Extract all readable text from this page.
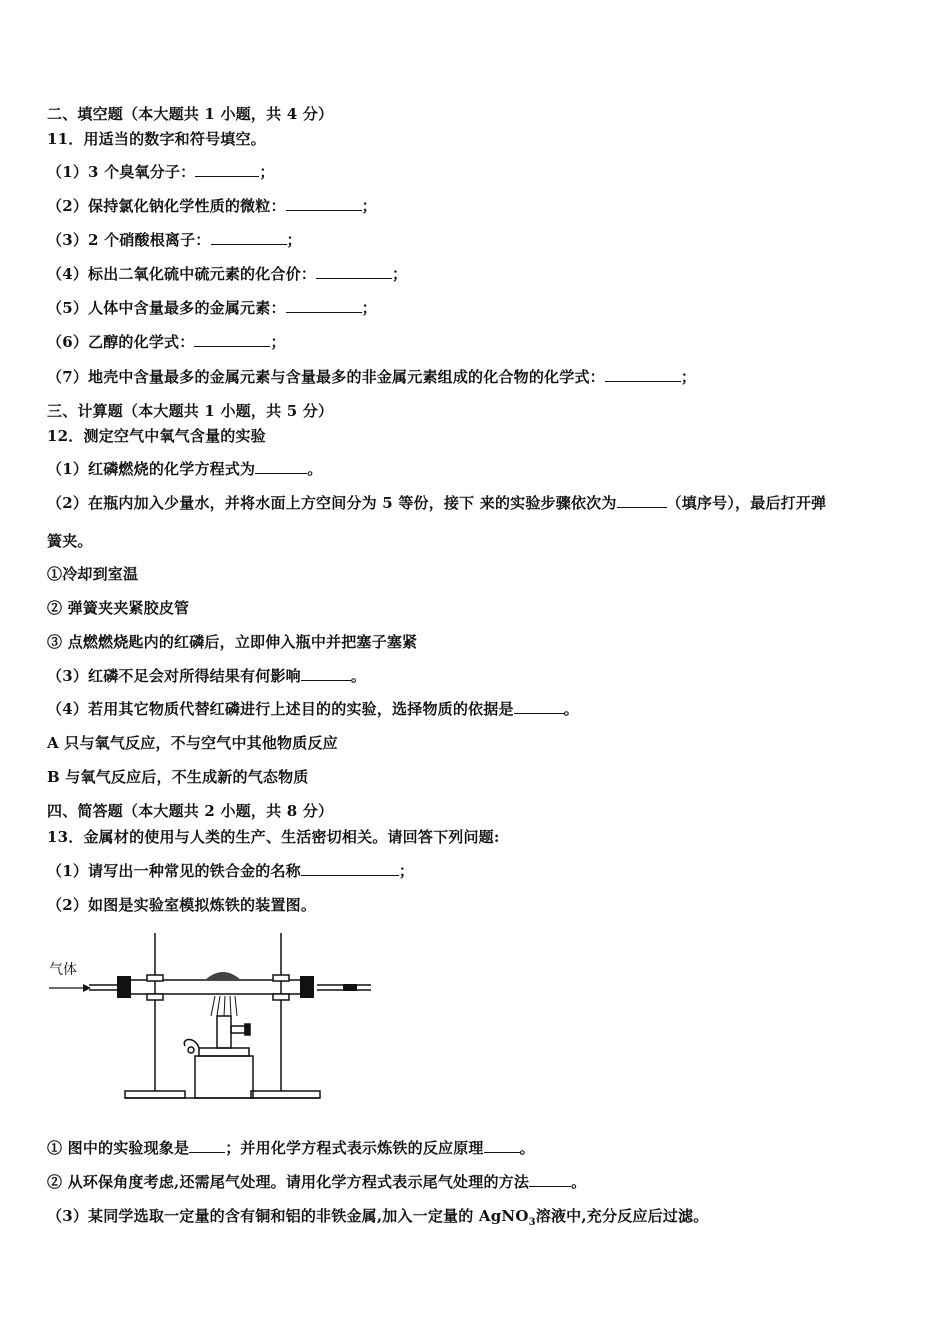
二、填空题（本大题共 1 小题，共 4 分）
11．用适当的数字和符号填空。
（1）3 个臭氧分子：	；
（2）保持氯化钠化学性质的微粒：	；
（3）2 个硝酸根离子：	；
（4）标出二氧化硫中硫元素的化合价：	；
（5）人体中含量最多的金属元素：	；
（6）乙醇的化学式：	；
（7）地壳中含量最多的金属元素与含量最多的非金属元素组成的化合物的化学式：	；
三、计算题（本大题共 1 小题，共 5 分）
12．测定空气中氧气含量的实验
（1）红磷燃烧的化学方程式为	。
（2）在瓶内加入少量水，并将水面上方空间分为 5 等份，接下 来的实验步骤依次为	（填序号），最后打开弹
簧夹。
①冷却到室温
② 弹簧夹夹紧胶皮管
③ 点燃燃烧匙内的红磷后，立即伸入瓶中并把塞子塞紧
（3）红磷不足会对所得结果有何影响	。
（4）若用其它物质代替红磷进行上述目的的实验，选择物质的依据是	。
A 只与氧气反应，不与空气中其他物质反应
B 与氧气反应后，不生成新的气态物质
四、简答题（本大题共 2 小题，共 8 分）
13．金属材的使用与人类的生产、生活密切相关。请回答下列问题:
（1）请写出一种常见的铁合金的名称	；
（2）如图是实验室模拟炼铁的装置图。
气体
① 图中的实验现象是 ；并用化学方程式表示炼铁的反应原理 。
② 从环保角度考虑,还需尾气处理。请用化学方程式表示尾气处理的方法	。
（3）某同学选取一定量的含有铜和铝的非铁金属,加入一定量的 AgNO$_3$溶液中,充分反应后过滤。
